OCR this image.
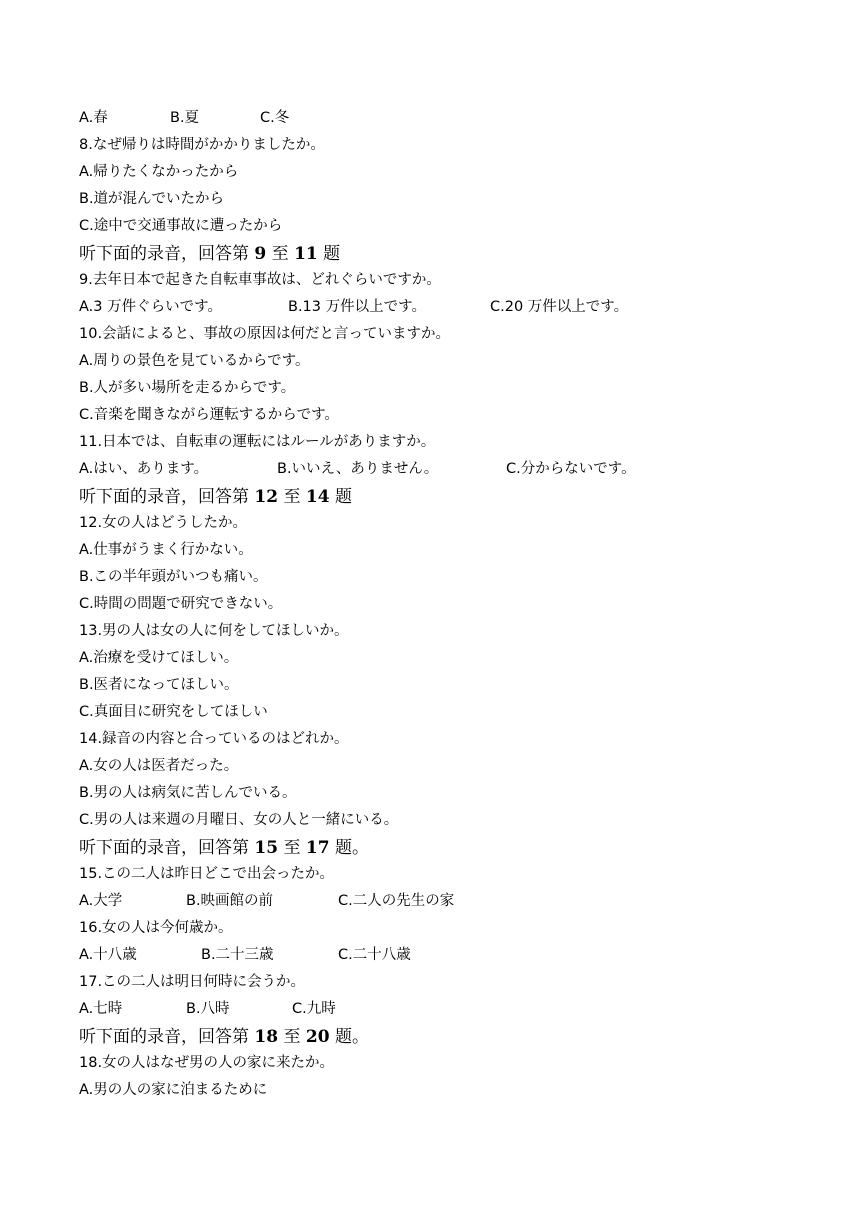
A.春	B.夏	C.冬
8.なぜ帰りは時間がかかりましたか。
A.帰りたくなかったから
B.道が混んでいたから
C.途中で交通事故に遭ったから
听下面的录音，回答第 9 至 11 题
9.去年日本で起きた自転車事故は、どれぐらいですか。
A.3 万件ぐらいです。	B.13 万件以上です。	C.20 万件以上です。
10.会話によると、事故の原因は何だと言っていますか。
A.周りの景色を見ているからです。
B.人が多い場所を走るからです。
C.音楽を聞きながら運転するからです。
11.日本では、自転車の運転にはルールがありますか。
A.はい、あります。	B.いいえ、ありません。	C.分からないです。
听下面的录音，回答第 12 至 14 题
12.女の人はどうしたか。
A.仕事がうまく行かない。
B.この半年頭がいつも痛い。
C.時間の問題で研究できない。
13.男の人は女の人に何をしてほしいか。
A.治療を受けてほしい。
B.医者になってほしい。
C.真面目に研究をしてほしい
14.録音の内容と合っているのはどれか。
A.女の人は医者だった。
B.男の人は病気に苦しんでいる。
C.男の人は来週の月曜日、女の人と一緒にいる。
听下面的录音，回答第 15 至 17 题。
15.この二人は昨日どこで出会ったか。
A.大学	B.映画館の前	C.二人の先生の家
16.女の人は今何歳か。
A.十八歳	B.二十三歳	C.二十八歳
17.この二人は明日何時に会うか。
A.七時	B.八時	C.九時
听下面的录音，回答第 18 至 20 题。
18.女の人はなぜ男の人の家に来たか。
A.男の人の家に泊まるために
